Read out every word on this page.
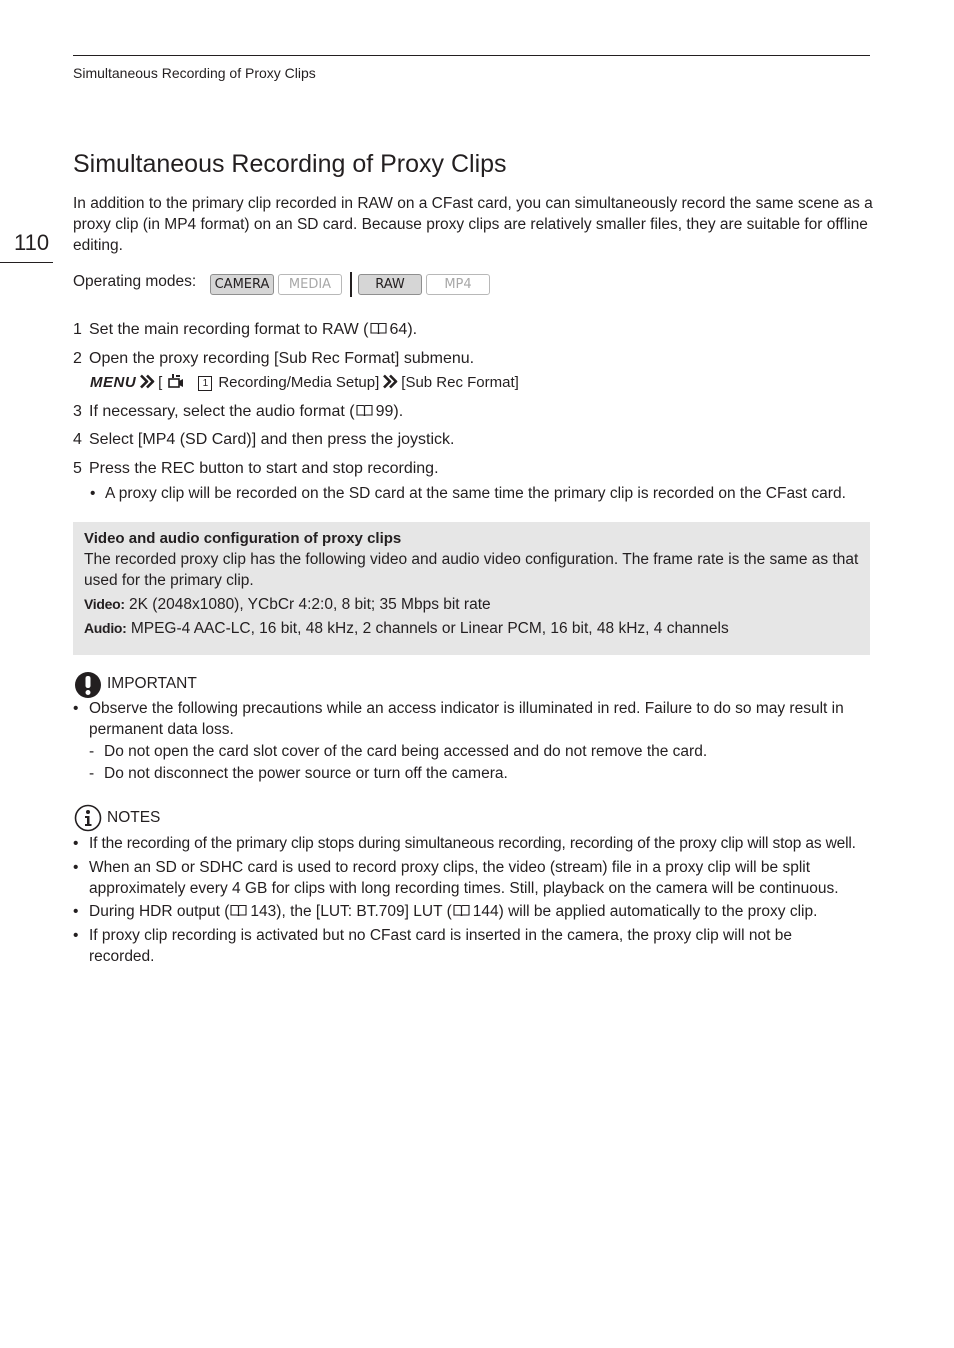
Simultaneous Recording of Proxy Clips
110
Simultaneous Recording of Proxy Clips
In addition to the primary clip recorded in RAW on a CFast card, you can simultaneously record the same scene as a proxy clip (in MP4 format) on an SD card. Because proxy clips are relatively smaller files, they are suitable for offline editing.
Operating modes:	CAMERA	MEDIA	RAW	MP4
1 Set the main recording format to RAW ( 64).
2 Open the proxy recording [Sub Rec Format] submenu.
MENU [	1 Recording/Media Setup] [Sub Rec Format]
3 If necessary, select the audio format ( 99).
4 Select [MP4 (SD Card)] and then press the joystick.
5 Press the REC button to start and stop recording.
• A proxy clip will be recorded on the SD card at the same time the primary clip is recorded on the CFast card.
Video and audio configuration of proxy clips
The recorded proxy clip has the following video and audio video configuration. The frame rate is the same as that used for the primary clip.
Video: 2K (2048x1080), YCbCr 4:2:0, 8 bit; 35 Mbps bit rate
Audio: MPEG-4 AAC-LC, 16 bit, 48 kHz, 2 channels or Linear PCM, 16 bit, 48 kHz, 4 channels
IMPORTANT
• Observe the following precautions while an access indicator is illuminated in red. Failure to do so may result in permanent data loss.
- Do not open the card slot cover of the card being accessed and do not remove the card.
- Do not disconnect the power source or turn off the camera.
NOTES
• If the recording of the primary clip stops during simultaneous recording, recording of the proxy clip will stop as well.
• When an SD or SDHC card is used to record proxy clips, the video (stream) file in a proxy clip will be split approximately every 4 GB for clips with long recording times. Still, playback on the camera will be continuous.
• During HDR output ( 143), the [LUT: BT.709] LUT ( 144) will be applied automatically to the proxy clip.
• If proxy clip recording is activated but no CFast card is inserted in the camera, the proxy clip will not be recorded.
